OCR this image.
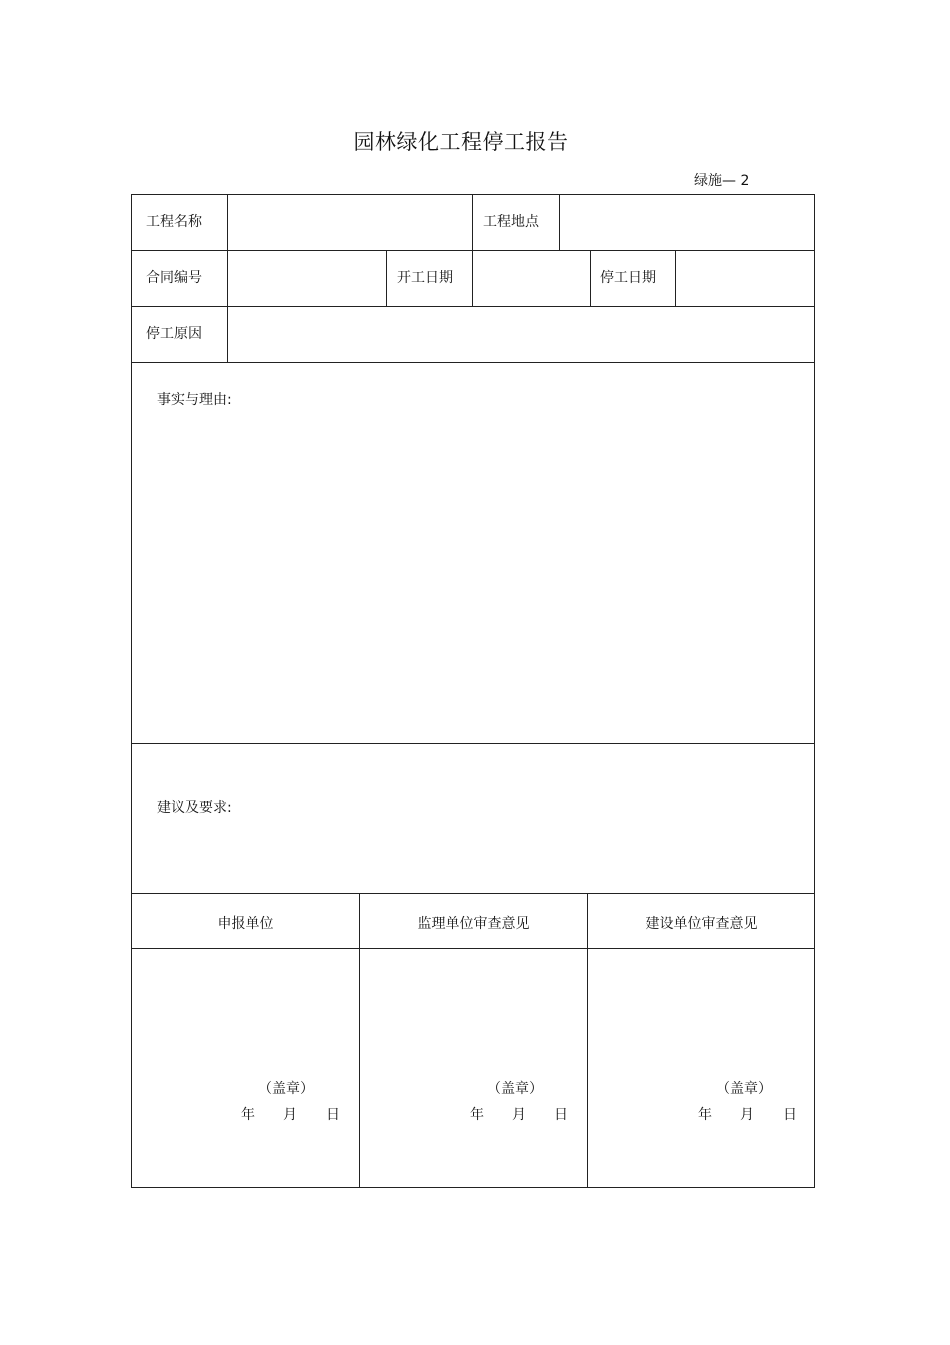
园林绿化工程停工报告
绿施— 2
工程名称	工程地点
合同编号	开工日期	停工日期
停工原因
事实与理由:
建议及要求:
申报单位	监理单位审查意见	建设单位审查意见
（盖章）
年 月 日
（盖章）
年 月 日
（盖章）
年 月 日
